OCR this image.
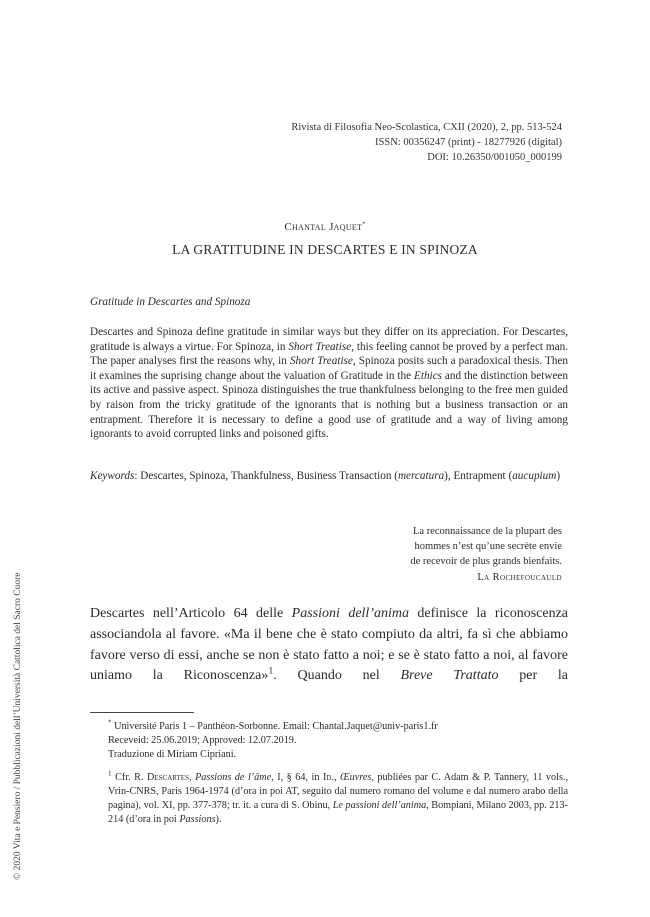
Rivista di Filosofia Neo-Scolastica, CXII (2020), 2, pp. 513-524
ISSN: 00356247 (print) - 18277926 (digital)
DOI: 10.26350/001050_000199
Chantal Jaquet*
LA GRATITUDINE IN DESCARTES E IN SPINOZA
Gratitude in Descartes and Spinoza

Descartes and Spinoza define gratitude in similar ways but they differ on its appreciation. For Descartes, gratitude is always a virtue. For Spinoza, in Short Treatise, this feeling cannot be proved by a perfect man. The paper analyses first the reasons why, in Short Treatise, Spinoza posits such a paradoxical thesis. Then it examines the suprising change about the valuation of Gratitude in the Ethics and the distinction between its active and passive aspect. Spinoza distinguishes the true thankfulness belonging to the free men guided by raison from the tricky gratitude of the ignorants that is nothing but a business transaction or an entrapment. Therefore it is necessary to define a good use of gratitude and a way of living among ignorants to avoid corrupted links and poisoned gifts.

Keywords: Descartes, Spinoza, Thankfulness, Business Transaction (mercatura), Entrapment (aucupium)
La reconnaissance de la plupart des
hommes n’est qu’une secrète envie
de recevoir de plus grands bienfaits.
La Rochefoucauld
Descartes nell’Articolo 64 delle Passioni dell’anima definisce la riconoscenza associandola al favore. «Ma il bene che è stato compiuto da altri, fa sì che abbiamo favore verso di essi, anche se non è stato fatto a noi; e se è stato fatto a noi, al favore uniamo la Riconoscenza»$^1$. Quando nel Breve Trattato per la
* Université Paris 1 – Panthéon-Sorbonne. Email: Chantal.Jaquet@univ-paris1.fr
Receveid: 25.06.2019; Approved: 12.07.2019.
Traduzione di Miriam Cipriani.
$^1$ Cfr. R. Descartes, Passions de l’âme, I, § 64, in Id., Œuvres, publiées par C. Adam & P. Tannery, 11 vols., Vrin-CNRS, Paris 1964-1974 (d’ora in poi AT, seguito dal numero romano del volume e dal numero arabo della pagina), vol. XI, pp. 377-378; tr. it. a cura di S. Obinu, Le passioni dell’anima, Bompiani, Milano 2003, pp. 213-214 (d’ora in poi Passions).
© 2020 Vita e Pensiero / Pubblicazioni dell’Università Cattolica del Sacro Cuore
